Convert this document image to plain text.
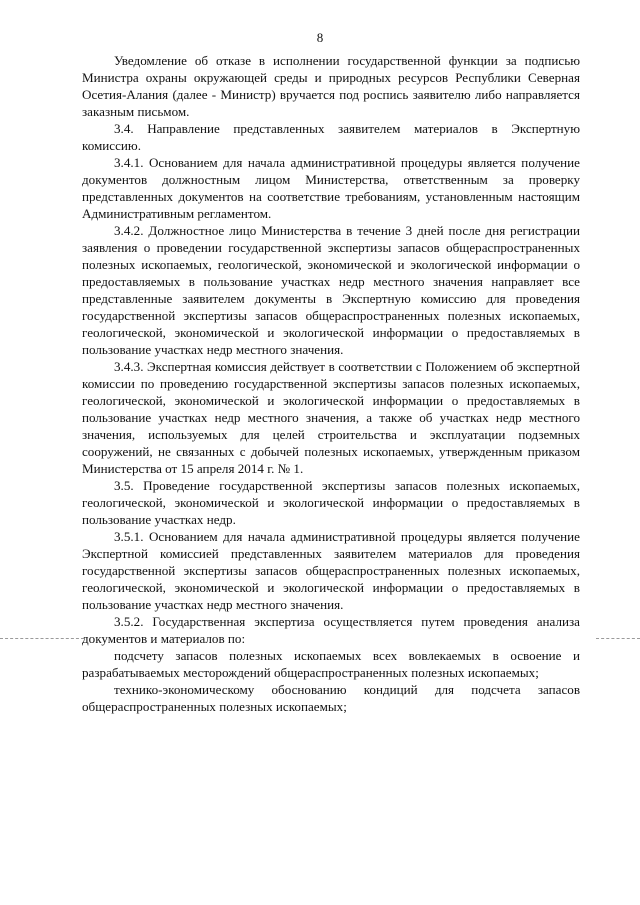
8

Уведомление об отказе в исполнении государственной функции за подписью Министра охраны окружающей среды и природных ресурсов Республики Северная Осетия-Алания (далее - Министр) вручается под роспись заявителю либо направляется заказным письмом.

3.4. Направление представленных заявителем материалов в Экспертную комиссию.

3.4.1. Основанием для начала административной процедуры является получение документов должностным лицом Министерства, ответственным за проверку представленных документов на соответствие требованиям, установленным настоящим Административным регламентом.

3.4.2. Должностное лицо Министерства в течение 3 дней после дня регистрации заявления о проведении государственной экспертизы запасов общераспространенных полезных ископаемых, геологической, экономической и экологической информации о предоставляемых в пользование участках недр местного значения направляет все представленные заявителем документы в Экспертную комиссию для проведения государственной экспертизы запасов общераспространенных полезных ископаемых, геологической, экономической и экологической информации о предоставляемых в пользование участках недр местного значения.

3.4.3. Экспертная комиссия действует в соответствии с Положением об экспертной комиссии по проведению государственной экспертизы запасов полезных ископаемых, геологической, экономической и экологической информации о предоставляемых в пользование участках недр местного значения, а также об участках недр местного значения, используемых для целей строительства и эксплуатации подземных сооружений, не связанных с добычей полезных ископаемых, утвержденным приказом Министерства от 15 апреля 2014 г. № 1.

3.5. Проведение государственной экспертизы запасов полезных ископаемых, геологической, экономической и экологической информации о предоставляемых в пользование участках недр.

3.5.1. Основанием для начала административной процедуры является получение Экспертной комиссией представленных заявителем материалов для проведения государственной экспертизы запасов общераспространенных полезных ископаемых, геологической, экономической и экологической информации о предоставляемых в пользование участках недр местного значения.

3.5.2. Государственная экспертиза осуществляется путем проведения анализа документов и материалов по:

подсчету запасов полезных ископаемых всех вовлекаемых в освоение и разрабатываемых месторождений общераспространенных полезных ископаемых;

технико-экономическому обоснованию кондиций для подсчета запасов общераспространенных полезных ископаемых;
